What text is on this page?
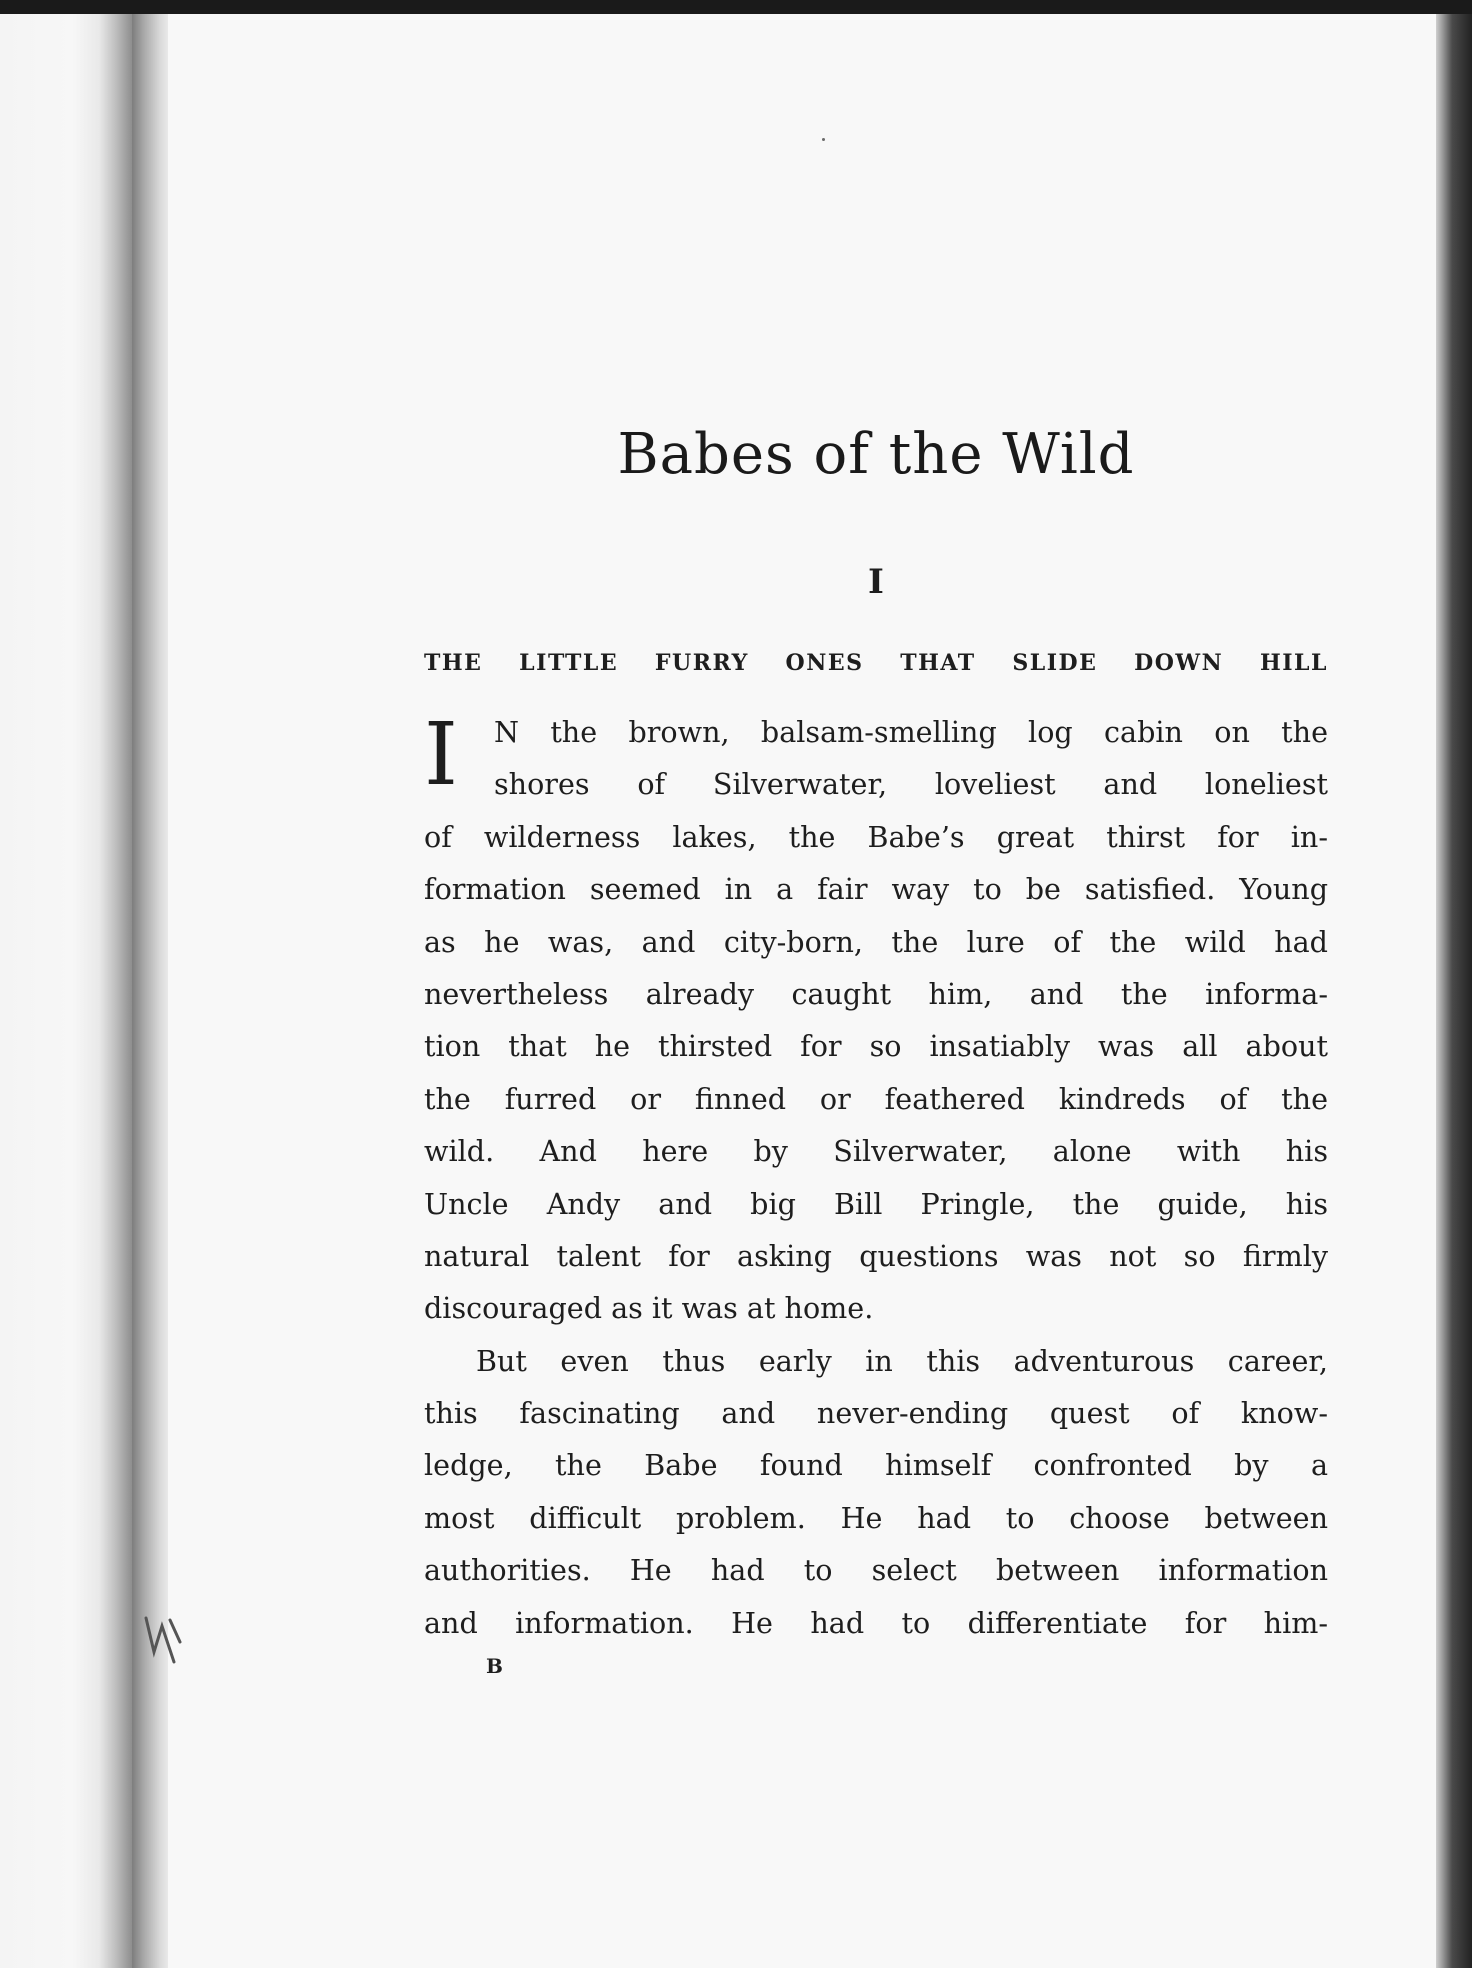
Babes of the Wild
I
THE LITTLE FURRY ONES THAT SLIDE DOWN HILL
I	N the brown, balsam-smelling log cabin on the
shores of Silverwater, loveliest and loneliest
of wilderness lakes, the Babe’s great thirst for in-
formation seemed in a fair way to be satisfied. Young
as he was, and city-born, the lure of the wild had
nevertheless already caught him, and the informa-
tion that he thirsted for so insatiably was all about
the furred or finned or feathered kindreds of the
wild. And here by Silverwater, alone with his
Uncle Andy and big Bill Pringle, the guide, his
natural talent for asking questions was not so firmly
discouraged as it was at home.
But even thus early in this adventurous career,
this fascinating and never-ending quest of know-
ledge, the Babe found himself confronted by a
most difficult problem. He had to choose between
authorities. He had to select between information
and information. He had to differentiate for him-
B
